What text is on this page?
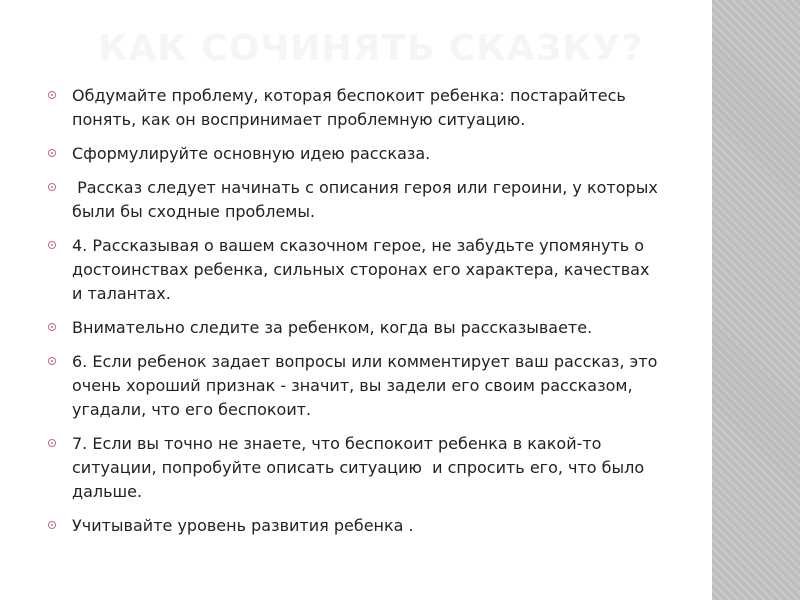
КАК СОЧИНЯТЬ СКАЗКУ?
Обдумайте проблему, которая беспокоит ребенка: постарайтесь понять, как он воспринимает проблемную ситуацию.
Сформулируйте основную идею рассказа.
Рассказ следует начинать с описания героя или героини, у которых были бы сходные проблемы.
4. Рассказывая о вашем сказочном герое, не забудьте упомянуть о достоинствах ребенка, сильных сторонах его характера, качествах и талантах.
Внимательно следите за ребенком, когда вы рассказываете.
6. Если ребенок задает вопросы или комментирует ваш рассказ, это очень хороший признак - значит, вы задели его своим рассказом, угадали, что его беспокоит.
7. Если вы точно не знаете, что беспокоит ребенка в какой-то ситуации, попробуйте описать ситуацию  и спросить его, что было дальше.
Учитывайте уровень развития ребенка .
